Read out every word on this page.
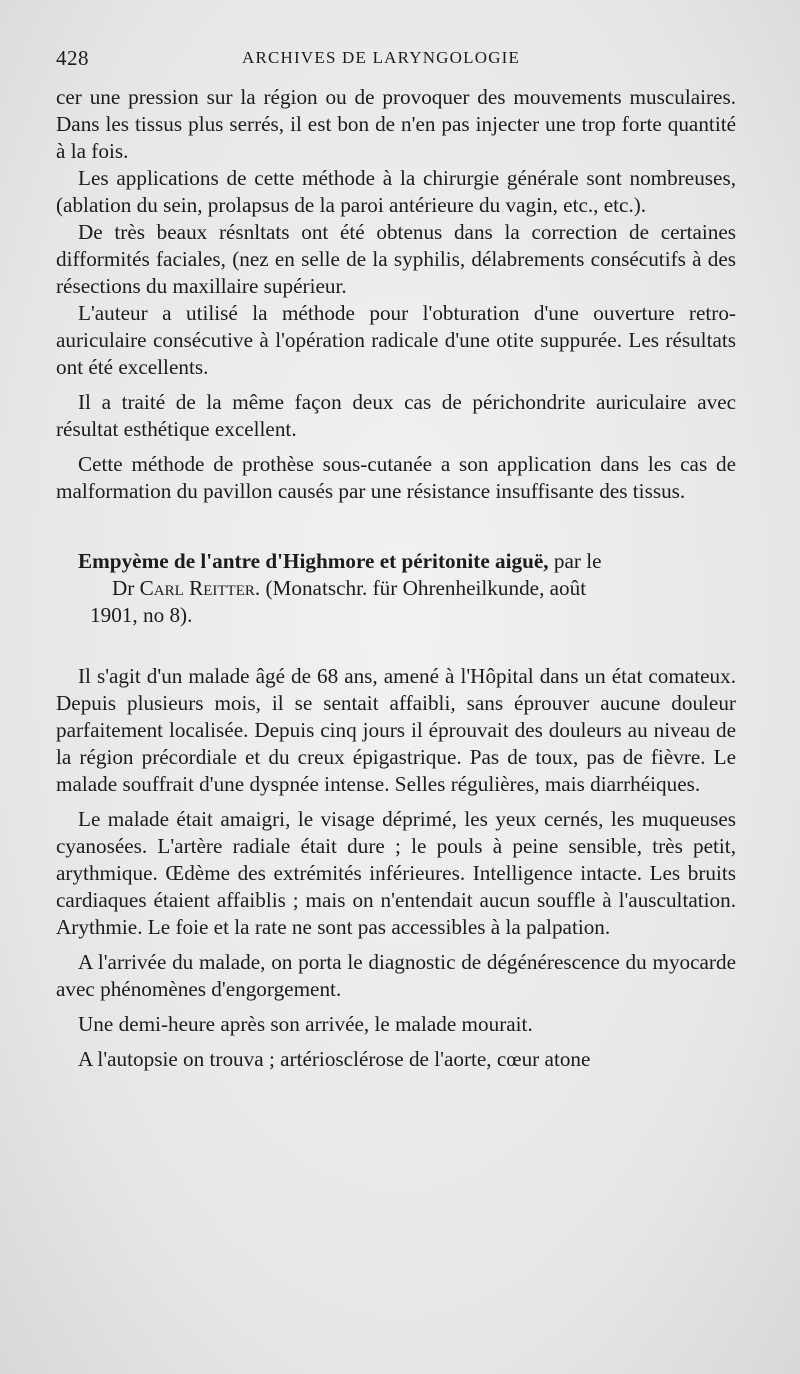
428	ARCHIVES DE LARYNGOLOGIE

cer une pression sur la région ou de provoquer des mouvements musculaires. Dans les tissus plus serrés, il est bon de n'en pas injecter une trop forte quantité à la fois.

Les applications de cette méthode à la chirurgie générale sont nombreuses, (ablation du sein, prolapsus de la paroi antérieure du vagin, etc., etc.).

De très beaux résnltats ont été obtenus dans la correction de certaines difformités faciales, (nez en selle de la syphilis, délabrements consécutifs à des résections du maxillaire supérieur.

L'auteur a utilisé la méthode pour l'obturation d'une ouverture retro-auriculaire consécutive à l'opération radicale d'une otite suppurée. Les résultats ont été excellents.

Il a traité de la même façon deux cas de périchondrite auriculaire avec résultat esthétique excellent.

Cette méthode de prothèse sous-cutanée a son application dans les cas de malformation du pavillon causés par une résistance insuffisante des tissus.

Empyème de l'antre d'Highmore et péritonite aiguë, par le
Dr Carl Reitter. (Monatschr. für Ohrenheilkunde, août
1901, no 8).

Il s'agit d'un malade âgé de 68 ans, amené à l'Hôpital dans un état comateux. Depuis plusieurs mois, il se sentait affaibli, sans éprouver aucune douleur parfaitement localisée. Depuis cinq jours il éprouvait des douleurs au niveau de la région précordiale et du creux épigastrique. Pas de toux, pas de fièvre. Le malade souffrait d'une dyspnée intense. Selles régulières, mais diarrhéiques.

Le malade était amaigri, le visage déprimé, les yeux cernés, les muqueuses cyanosées. L'artère radiale était dure ; le pouls à peine sensible, très petit, arythmique. Œdème des extrémités inférieures. Intelligence intacte. Les bruits cardiaques étaient affaiblis ; mais on n'entendait aucun souffle à l'auscultation. Arythmie. Le foie et la rate ne sont pas accessibles à la palpation.

A l'arrivée du malade, on porta le diagnostic de dégénérescence du myocarde avec phénomènes d'engorgement.

Une demi-heure après son arrivée, le malade mourait.

A l'autopsie on trouva ; artériosclérose de l'aorte, cœur atone
